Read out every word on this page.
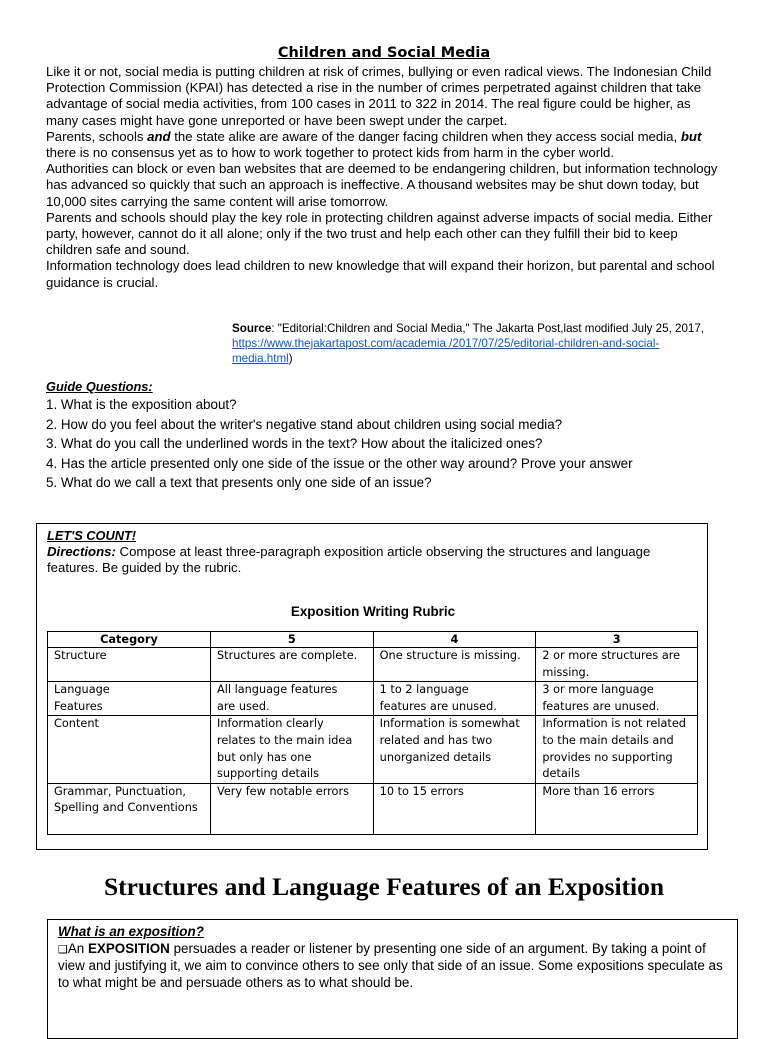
Children and Social Media

Like it or not, social media is putting children at risk of crimes, bullying or even radical views. The Indonesian Child Protection Commission (KPAI) has detected a rise in the number of crimes perpetrated against children that take advantage of social media activities, from 100 cases in 2011 to 322 in 2014. The real figure could be higher, as many cases might have gone unreported or have been swept under the carpet.

Parents, schools and the state alike are aware of the danger facing children when they access social media, but there is no consensus yet as to how to work together to protect kids from harm in the cyber world.

Authorities can block or even ban websites that are deemed to be endangering children, but information technology has advanced so quickly that such an approach is ineffective. A thousand websites may be shut down today, but 10,000 sites carrying the same content will arise tomorrow.

Parents and schools should play the key role in protecting children against adverse impacts of social media. Either party, however, cannot do it all alone; only if the two trust and help each other can they fulfill their bid to keep children safe and sound.

Information technology does lead children to new knowledge that will expand their horizon, but parental and school guidance is crucial.

Source: "Editorial:Children and Social Media," The Jakarta Post,last modified July 25, 2017, https://www.thejakartapost.com/academia /2017/07/25/editorial-children-and-social-media.html)
Guide Questions:
1. What is the exposition about?
2. How do you feel about the writer's negative stand about children using social media?
3. What do you call the underlined words in the text? How about the italicized ones?
4. Has the article presented only one side of the issue or the other way around? Prove your answer
5. What do we call a text that presents only one side of an issue?
LET'S COUNT!
Directions: Compose at least three-paragraph exposition article observing the structures and language features. Be guided by the rubric.
Exposition Writing Rubric
Category	5	4	3
Structure	Structures are complete.	One structure is missing.	2 or more structures are missing.
Language Features	All language features are used.	1 to 2 language features are unused.	3 or more language features are unused.
Content	Information clearly relates to the main idea but only has one supporting details	Information is somewhat related and has two unorganized details	Information is not related to the main details and provides no supporting details
Grammar, Punctuation, Spelling and Conventions	Very few notable errors	10 to 15 errors	More than 16 errors
Structures and Language Features of an Exposition
What is an exposition?
❑An EXPOSITION persuades a reader or listener by presenting one side of an argument. By taking a point of view and justifying it, we aim to convince others to see only that side of an issue. Some expositions speculate as to what might be and persuade others as to what should be.
